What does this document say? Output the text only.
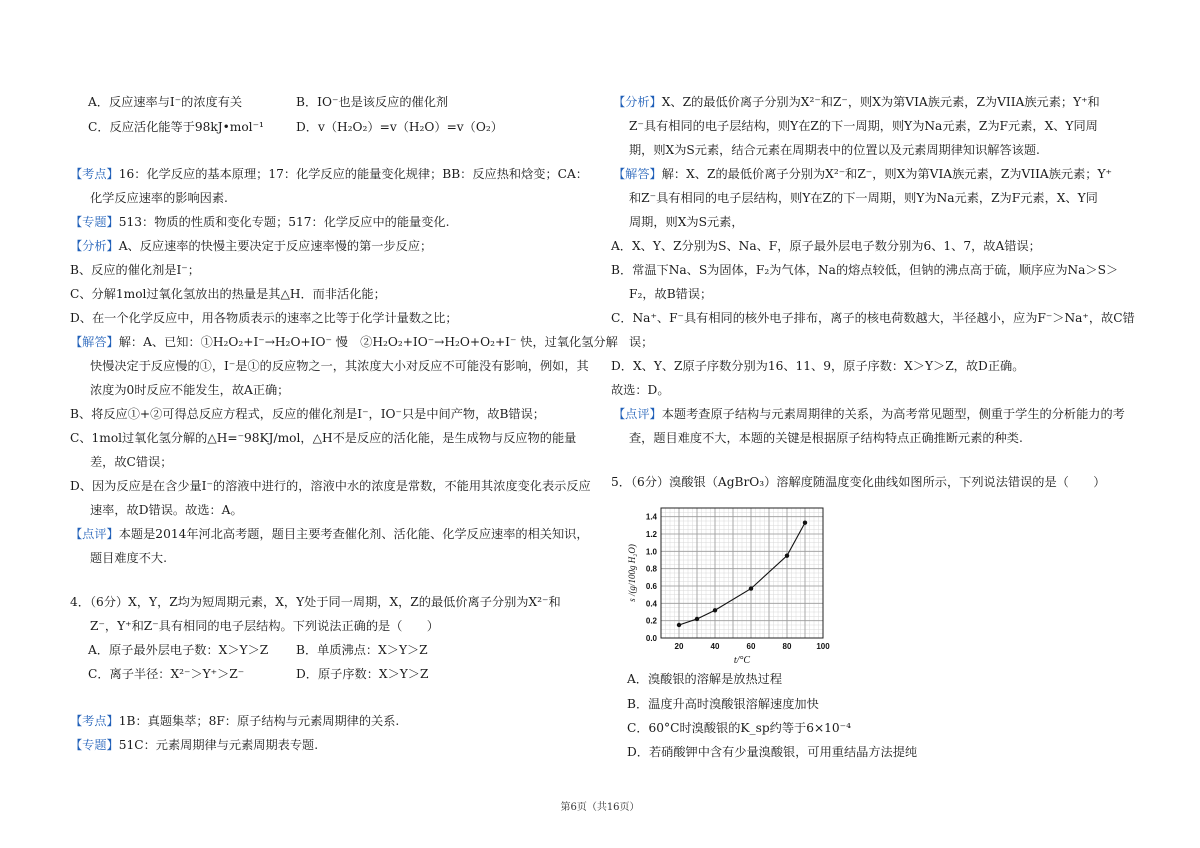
A．反应速率与I⁻的浓度有关	B．IO⁻也是该反应的催化剂
C．反应活化能等于98kJ•mol⁻¹	D．v（H₂O₂）=v（H₂O）=v（O₂）
【考点】16：化学反应的基本原理；17：化学反应的能量变化规律；BB：反应热和焓变；CA：
化学反应速率的影响因素.
【专题】513：物质的性质和变化专题；517：化学反应中的能量变化.
【分析】A、反应速率的快慢主要决定于反应速率慢的第一步反应；
B、反应的催化剂是I⁻；
C、分解1mol过氧化氢放出的热量是其△H．而非活化能；
D、在一个化学反应中，用各物质表示的速率之比等于化学计量数之比；
【解答】解：A、已知：①H₂O₂+I⁻→H₂O+IO⁻ 慢　②H₂O₂+IO⁻→H₂O+O₂+I⁻ 快，过氧化氢分解
快慢决定于反应慢的①，I⁻是①的反应物之一，其浓度大小对反应不可能没有影响，例如，其
浓度为0时反应不能发生，故A正确；
B、将反应①+②可得总反应方程式，反应的催化剂是I⁻，IO⁻只是中间产物，故B错误；
C、1mol过氧化氢分解的△H=⁻98KJ/mol，△H不是反应的活化能，是生成物与反应物的能量
差，故C错误；
D、因为反应是在含少量I⁻的溶液中进行的，溶液中水的浓度是常数，不能用其浓度变化表示反应
速率，故D错误。故选：A。
【点评】本题是2014年河北高考题，题目主要考查催化剂、活化能、化学反应速率的相关知识，
题目难度不大.
4．（6分）X，Y，Z均为短周期元素，X，Y处于同一周期，X，Z的最低价离子分别为X²⁻和
Z⁻，Y⁺和Z⁻具有相同的电子层结构。下列说法正确的是（　　）
A．原子最外层电子数：X＞Y＞Z B．单质沸点：X＞Y＞Z
C．离子半径：X²⁻＞Y⁺＞Z⁻	D．原子序数：X＞Y＞Z
【考点】1B：真题集萃；8F：原子结构与元素周期律的关系.
【专题】51C：元素周期律与元素周期表专题.
0.0
0.2
0.4
0.6
0.8
1.0
1.2
1.4
20	40	60	80	100
t/°C
s /(g/100g H₂O)
【分析】X、Z的最低价离子分别为X²⁻和Z⁻，则X为第VIA族元素，Z为VIIA族元素；Y⁺和
Z⁻具有相同的电子层结构，则Y在Z的下一周期，则Y为Na元素，Z为F元素，X、Y同周
期，则X为S元素，结合元素在周期表中的位置以及元素周期律知识解答该题.
【解答】解：X、Z的最低价离子分别为X²⁻和Z⁻，则X为第VIA族元素，Z为VIIA族元素；Y⁺
和Z⁻具有相同的电子层结构，则Y在Z的下一周期，则Y为Na元素，Z为F元素，X、Y同
周期，则X为S元素，
A．X、Y、Z分别为S、Na、F，原子最外层电子数分别为6、1、7，故A错误；
B．常温下Na、S为固体，F₂为气体，Na的熔点较低，但钠的沸点高于硫，顺序应为Na＞S＞
F₂，故B错误；
C．Na⁺、F⁻具有相同的核外电子排布，离子的核电荷数越大，半径越小，应为F⁻＞Na⁺，故C错
误；
D．X、Y、Z原子序数分别为16、11、9，原子序数：X＞Y＞Z，故D正确。
故选：D。
【点评】本题考查原子结构与元素周期律的关系，为高考常见题型，侧重于学生的分析能力的考
查，题目难度不大，本题的关键是根据原子结构特点正确推断元素的种类.
5．（6分）溴酸银（AgBrO₃）溶解度随温度变化曲线如图所示，下列说法错误的是（　　）
A．溴酸银的溶解是放热过程
B．温度升高时溴酸银溶解速度加快
C．60°C时溴酸银的K_sp约等于6×10⁻⁴
D．若硝酸钾中含有少量溴酸银，可用重结晶方法提纯
第6页（共16页）
